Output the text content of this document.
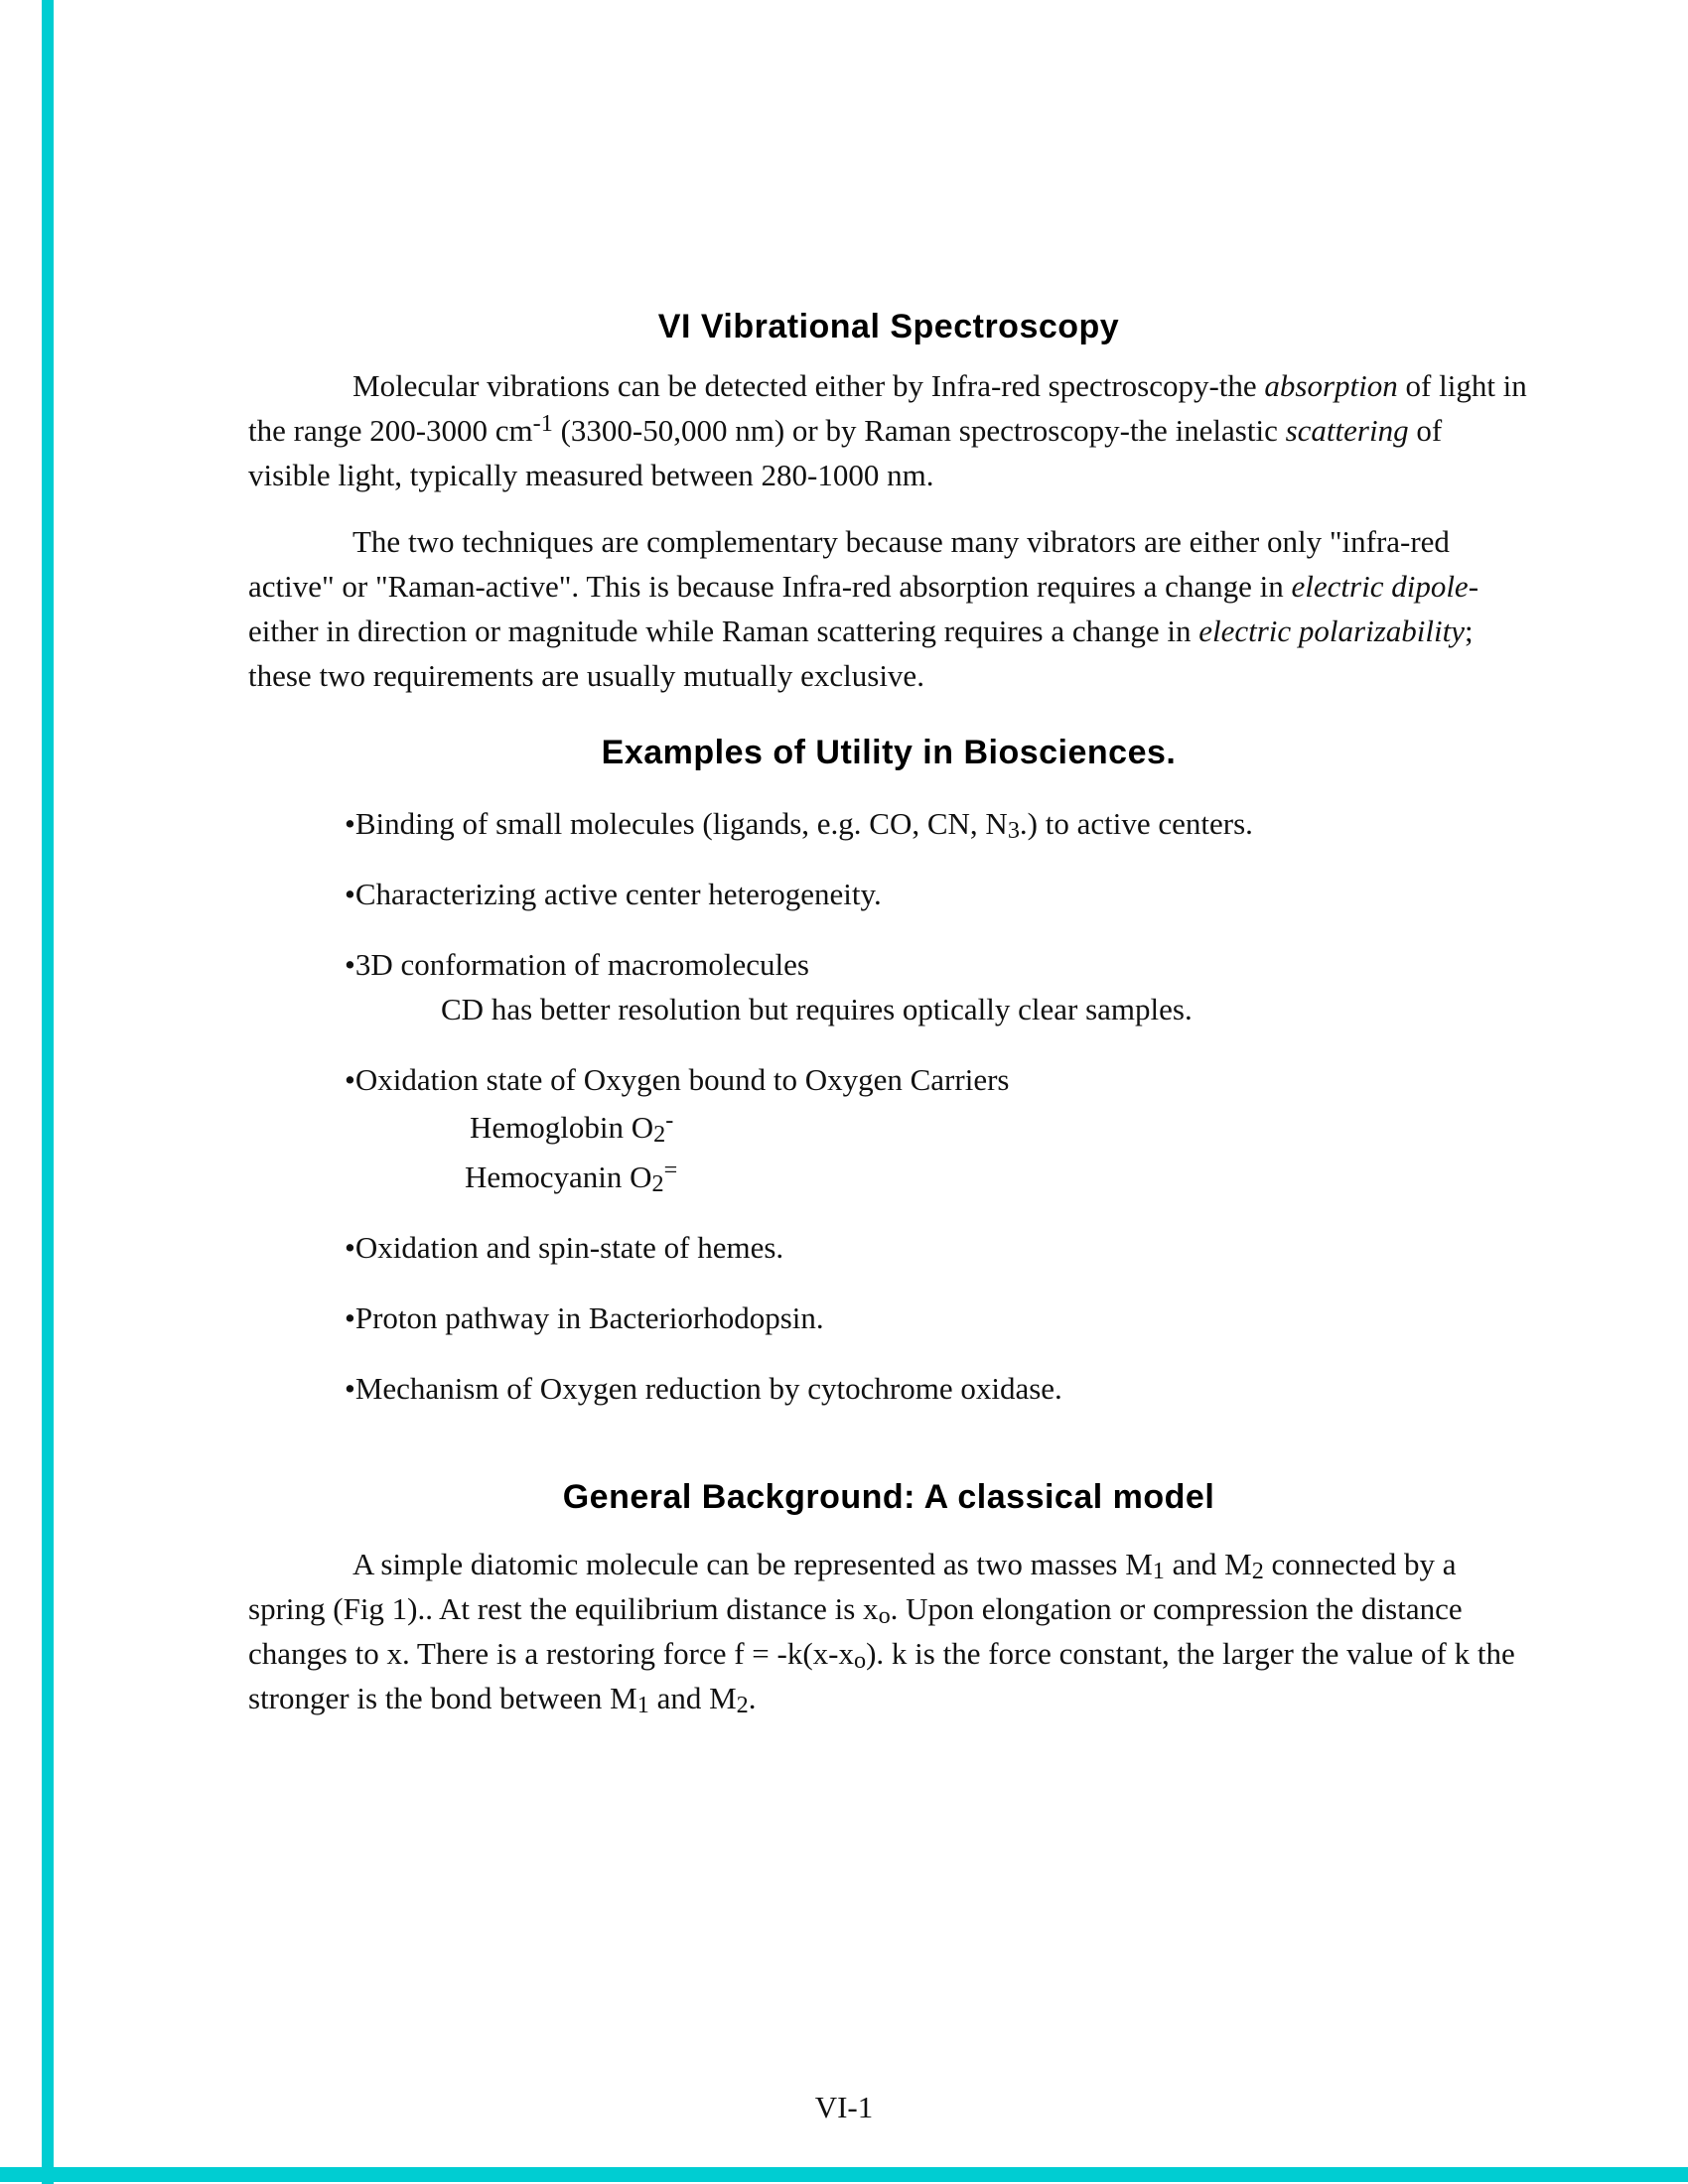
VI Vibrational Spectroscopy

Molecular vibrations can be detected either by Infra-red spectroscopy-the absorption of light in the range 200-3000 $cm^{-1}$ (3300-50,000 nm) or by Raman spectroscopy-the inelastic scattering of visible light, typically measured between 280-1000 nm.

The two techniques are complementary because many vibrators are either only "infra-red active" or "Raman-active". This is because Infra-red absorption requires a change in electric dipole-either in direction or magnitude while Raman scattering requires a change in electric polarizability; these two requirements are usually mutually exclusive.

Examples of Utility in Biosciences.
•Binding of small molecules (ligands, e.g. CO, CN, N3.) to active centers.
•Characterizing active center heterogeneity.
•3D conformation of macromolecules
CD has better resolution but requires optically clear samples.
•Oxidation state of Oxygen bound to Oxygen Carriers
Hemoglobin O2-
Hemocyanin O2=
•Oxidation and spin-state of hemes.
•Proton pathway in Bacteriorhodopsin.
•Mechanism of Oxygen reduction by cytochrome oxidase.
General Background: A classical model

A simple diatomic molecule can be represented as two masses M1 and M2 connected by a spring (Fig 1).. At rest the equilibrium distance is xo. Upon elongation or compression the distance changes to x. There is a restoring force f = -k(x-xo). k is the force constant, the larger the value of k the stronger is the bond between M1 and M2.

VI-1
